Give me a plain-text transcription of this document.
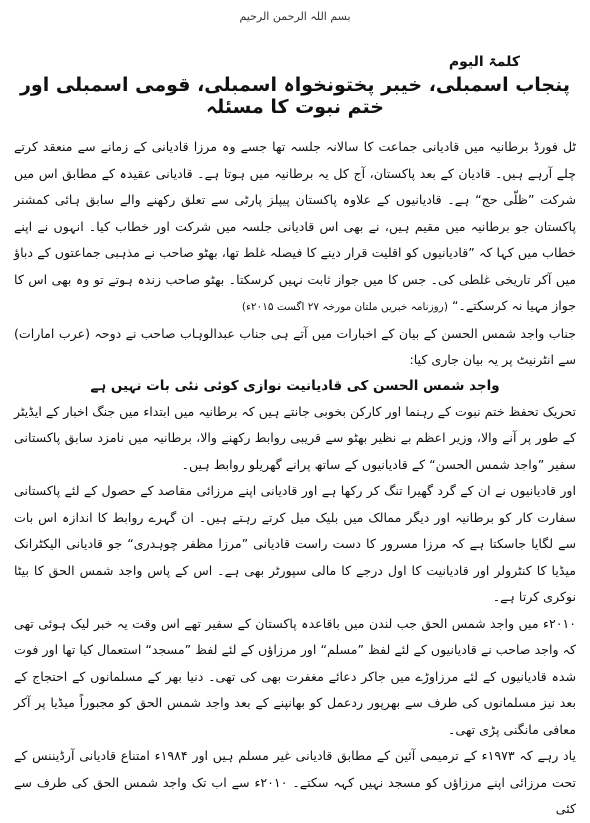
بسم اللہ الرحمن الرحیم
کلمۃ الیوم
پنجاب اسمبلی، خیبر پختونخواہ اسمبلی، قومی اسمبلی اور ختم نبوت کا مسئلہ

ٹل فورڈ برطانیہ میں قادیانی جماعت کا سالانہ جلسہ تھا جسے وہ مرزا قادیانی کے زمانے سے منعقد کرتے چلے آرہے ہیں۔ قادیان کے بعد پاکستان، آج کل یہ برطانیہ میں ہوتا ہے۔ قادیانی عقیدہ کے مطابق اس میں شرکت ”ظلّی حج“ ہے۔ قادیانیوں کے علاوہ پاکستان پیپلز پارٹی سے تعلق رکھنے والے سابق ہائی کمشنر پاکستان جو برطانیہ میں مقیم ہیں، نے بھی اس قادیانی جلسہ میں شرکت اور خطاب کیا۔ انہوں نے اپنے خطاب میں کہا کہ ”قادیانیوں کو اقلیت قرار دینے کا فیصلہ غلط تھا، بھٹو صاحب نے مذہبی جماعتوں کے دباؤ میں آکر تاریخی غلطی کی۔ جس کا میں جواز ثابت نہیں کرسکتا۔ بھٹو صاحب زندہ ہوتے تو وہ بھی اس کا جواز مہیا نہ کرسکتے۔“ (روزنامہ خبریں ملتان مورخہ ۲۷ اگست ۲۰۱۵ء)

جناب واجد شمس الحسن کے بیان کے اخبارات میں آتے ہی جناب عبدالوہاب صاحب نے دوحہ (عرب امارات) سے انٹرنیٹ پر یہ بیان جاری کیا:

واجد شمس الحسن کی قادیانیت نوازی کوئی نئی بات نہیں ہے

تحریک تحفظ ختم نبوت کے رہنما اور کارکن بخوبی جانتے ہیں کہ برطانیہ میں ابتداء میں جنگ اخبار کے ایڈیٹر کے طور پر آنے والا، وزیر اعظم بے نظیر بھٹو سے قریبی روابط رکھنے والا، برطانیہ میں نامزد سابق پاکستانی سفیر ”واجد شمس الحسن“ کے قادیانیوں کے ساتھ پرانے گھریلو روابط ہیں۔

اور قادیانیوں نے ان کے گرد گھیرا تنگ کر رکھا ہے اور قادیانی اپنے مرزائی مقاصد کے حصول کے لئے پاکستانی سفارت کار کو برطانیہ اور دیگر ممالک میں بلیک میل کرتے رہتے ہیں۔ ان گہرے روابط کا اندازہ اس بات سے لگایا جاسکتا ہے کہ مرزا مسرور کا دست راست قادیانی ”مرزا مظفر چوہدری“ جو قادیانی الیکٹرانک میڈیا کا کنٹرولر اور قادیانیت کا اول درجے کا مالی سپورٹر بھی ہے۔ اس کے پاس واجد شمس الحق کا بیٹا نوکری کرتا ہے۔

۲۰۱۰ء میں واجد شمس الحق جب لندن میں باقاعدہ پاکستان کے سفیر تھے اس وقت یہ خبر لیک ہوئی تھی کہ واجد صاحب نے قادیانیوں کے لئے لفظ ”مسلم“ اور مرزاؤں کے لئے لفظ ”مسجد“ استعمال کیا تھا اور فوت شدہ قادیانیوں کے لئے مرزاوڑے میں جاکر دعائے مغفرت بھی کی تھی۔ دنیا بھر کے مسلمانوں کے احتجاج کے بعد نیز مسلمانوں کی طرف سے بھرپور ردعمل کو بھانپنے کے بعد واجد شمس الحق کو مجبوراً میڈیا پر آکر معافی مانگنی پڑی تھی۔

یاد رہے کہ ۱۹۷۳ء کے ترمیمی آئین کے مطابق قادیانی غیر مسلم ہیں اور ۱۹۸۴ء امتناع قادیانی آرڈیننس کے تحت مرزائی اپنے مرزاؤں کو مسجد نہیں کہہ سکتے۔ ۲۰۱۰ء سے اب تک واجد شمس الحق کی طرف سے کئی
